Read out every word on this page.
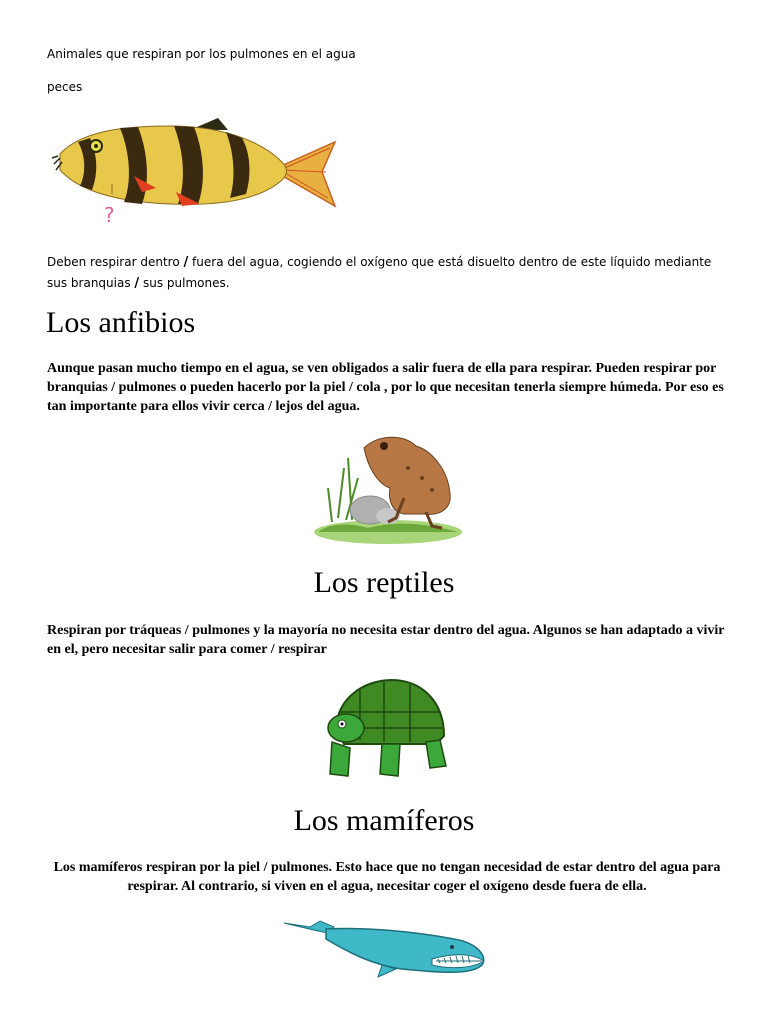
Animales que respiran por los pulmones en el agua
peces
?
Deben respirar dentro / fuera del agua, cogiendo el oxígeno que está disuelto dentro de este líquido mediante sus branquias / sus pulmones.
Los anfibios
Aunque pasan mucho tiempo en el agua, se ven obligados a salir fuera de ella para respirar. Pueden respirar por branquias / pulmones o pueden hacerlo por la piel / cola , por lo que necesitan tenerla siempre húmeda. Por eso es tan importante para ellos vivir cerca / lejos del agua.
Los reptiles
Respiran por tráqueas / pulmones y la mayoría no necesita estar dentro del agua. Algunos se han adaptado a vivir en el, pero necesitar salir para comer / respirar
Los mamíferos
Los mamíferos respiran por la piel / pulmones. Esto hace que no tengan necesidad de estar dentro del agua para respirar. Al contrario, si viven en el agua, necesitar coger el oxígeno desde fuera de ella.
